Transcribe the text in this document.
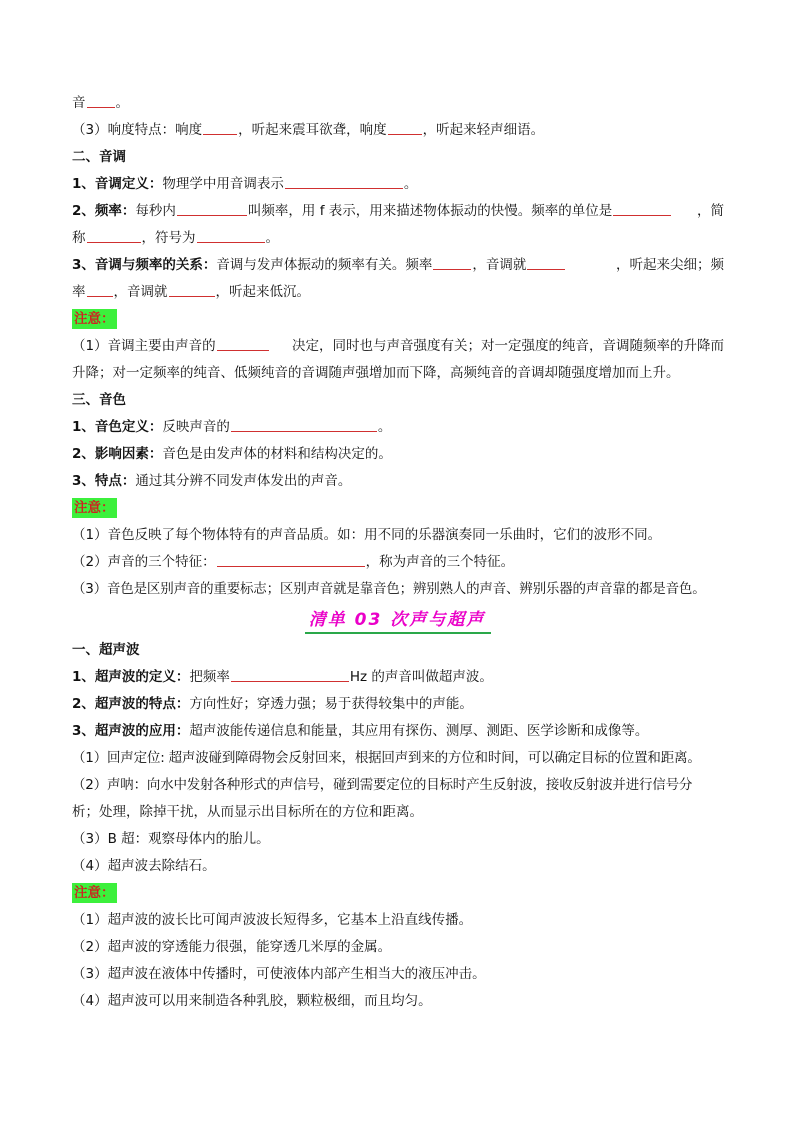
音 。
（3）响度特点：响度	，听起来震耳欲聋，响度	，听起来轻声细语。
二、音调
1、音调定义：物理学中用音调表示	。
2、频率：每秒内	叫频率，用 f 表示，用来描述物体振动的快慢。频率的单位是	，简
称	，符号为	。
3、音调与频率的关系：音调与发声体振动的频率有关。频率	，音调就	，听起来尖细；频
率 ，音调就	，听起来低沉。
注意：
（1）音调主要由声音的	决定，同时也与声音强度有关；对一定强度的纯音，音调随频率的升降而
升降；对一定频率的纯音、低频纯音的音调随声强增加而下降，高频纯音的音调却随强度增加而上升。
三、音色
1、音色定义：反映声音的	。
2、影响因素：音色是由发声体的材料和结构决定的。
3、特点：通过其分辨不同发声体发出的声音。
注意：
（1）音色反映了每个物体特有的声音品质。如：用不同的乐器演奏同一乐曲时，它们的波形不同。
（2）声音的三个特征：	，称为声音的三个特征。
（3）音色是区别声音的重要标志；区别声音就是靠音色；辨别熟人的声音、辨别乐器的声音靠的都是音色。
清单 03 次声与超声
一、超声波
1、超声波的定义：把频率	Hz 的声音叫做超声波。
2、超声波的特点：方向性好；穿透力强；易于获得较集中的声能。
3、超声波的应用：超声波能传递信息和能量，其应用有探伤、测厚、测距、医学诊断和成像等。
（1）回声定位: 超声波碰到障碍物会反射回来，根据回声到来的方位和时间，可以确定目标的位置和距离。
（2）声呐：向水中发射各种形式的声信号，碰到需要定位的目标时产生反射波，接收反射波并进行信号分
析；处理，除掉干扰，从而显示出目标所在的方位和距离。
（3）B 超：观察母体内的胎儿。
（4）超声波去除结石。
注意：
（1）超声波的波长比可闻声波波长短得多，它基本上沿直线传播。
（2）超声波的穿透能力很强，能穿透几米厚的金属。
（3）超声波在液体中传播时，可使液体内部产生相当大的液压冲击。
（4）超声波可以用来制造各种乳胶，颗粒极细，而且均匀。
